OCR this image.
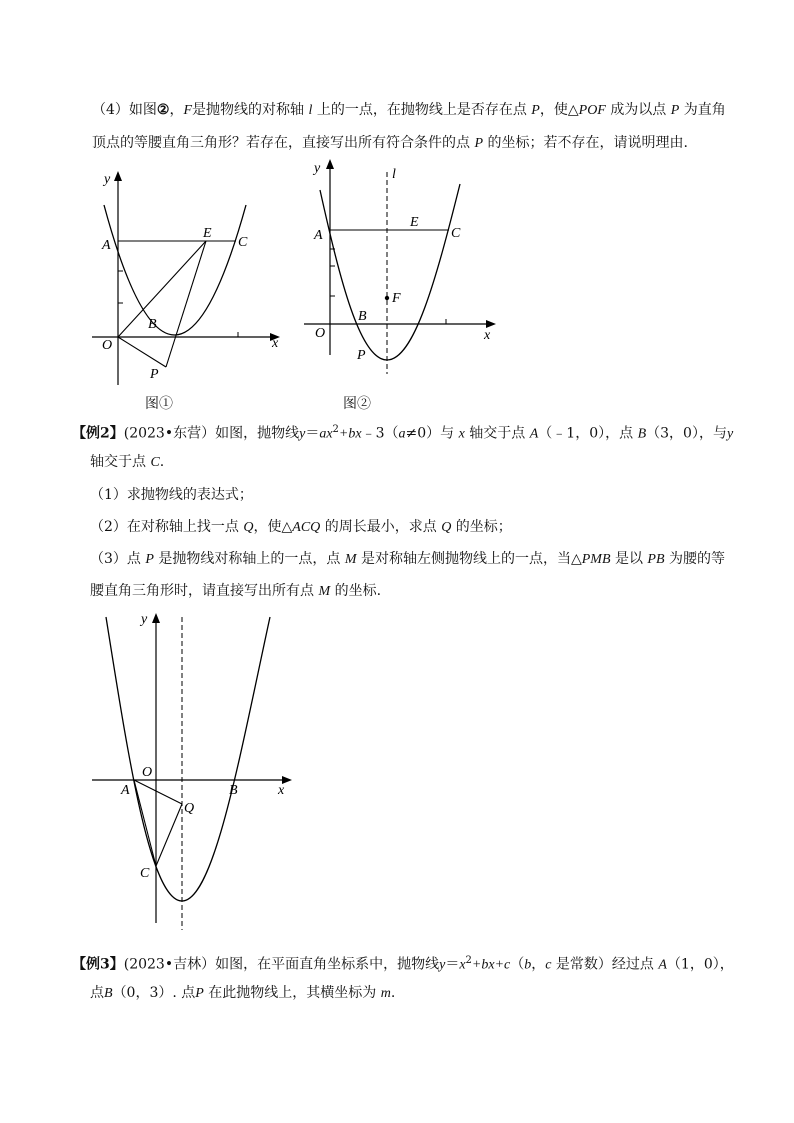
（4）如图②，F是抛物线的对称轴 l 上的一点，在抛物线上是否存在点 P，使△POF 成为以点 P 为直角
顶点的等腰直角三角形？若存在，直接写出所有符合条件的点 P 的坐标；若不存在，请说明理由.
y
x
O
A
E
C
B
P
图①
y	l
x
O
A
E
C
B
P
F
图②
【例2】(2023•东营）如图，抛物线$y=ax^2+bx﹣3(a\ne 0)$与 x 轴交于点 A（﹣1，0），点 B（3，0），与y
轴交于点 C.
（1）求抛物线的表达式；
（2）在对称轴上找一点 Q，使△ACQ 的周长最小，求点 Q 的坐标；
（3）点 P 是抛物线对称轴上的一点，点 M 是对称轴左侧抛物线上的一点，当△PMB 是以 PB 为腰的等
腰直角三角形时，请直接写出所有点 M 的坐标.
y
x
O
A	B
Q
C
【例3】(2023•吉林）如图，在平面直角坐标系中，抛物线$y=x^2+bx+c(b$，c 是常数）经过点 A（1，0），
点B（0，3）. 点P 在此抛物线上，其横坐标为 m.
